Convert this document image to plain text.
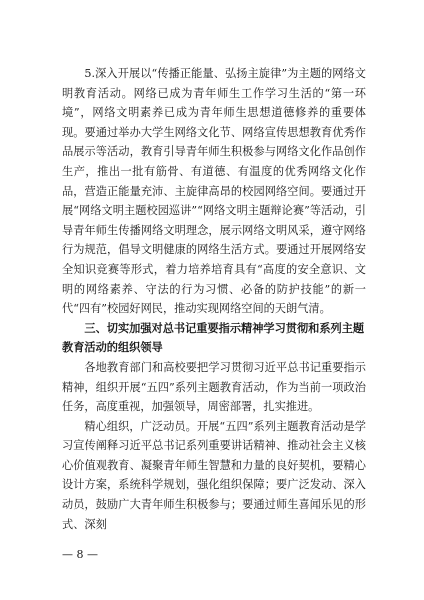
5.深入开展以“传播正能量、弘扬主旋律”为主题的网络文明教育活动。网络已成为青年师生工作学习生活的“第一环境”，网络文明素养已成为青年师生思想道德修养的重要体现。要通过举办大学生网络文化节、网络宣传思想教育优秀作品展示等活动，教育引导青年师生积极参与网络文化作品创作生产，推出一批有筋骨、有道德、有温度的优秀网络文化作品，营造正能量充沛、主旋律高昂的校园网络空间。要通过开展“网络文明主题校园巡讲”“网络文明主题辩论赛”等活动，引导青年师生传播网络文明理念，展示网络文明风采，遵守网络行为规范，倡导文明健康的网络生活方式。要通过开展网络安全知识竞赛等形式，着力培养培育具有“高度的安全意识、文明的网络素养、守法的行为习惯、必备的防护技能”的新一代“四有”校园好网民，推动实现网络空间的天朗气清。

三、切实加强对总书记重要指示精神学习贯彻和系列主题教育活动的组织领导

各地教育部门和高校要把学习贯彻习近平总书记重要指示精神，组织开展“五四”系列主题教育活动，作为当前一项政治任务，高度重视，加强领导，周密部署，扎实推进。

精心组织，广泛动员。开展“五四”系列主题教育活动是学习宣传阐释习近平总书记系列重要讲话精神、推动社会主义核心价值观教育、凝聚青年师生智慧和力量的良好契机，要精心设计方案，系统科学规划，强化组织保障；要广泛发动、深入动员，鼓励广大青年师生积极参与；要通过师生喜闻乐见的形式、深刻

— 8 —
